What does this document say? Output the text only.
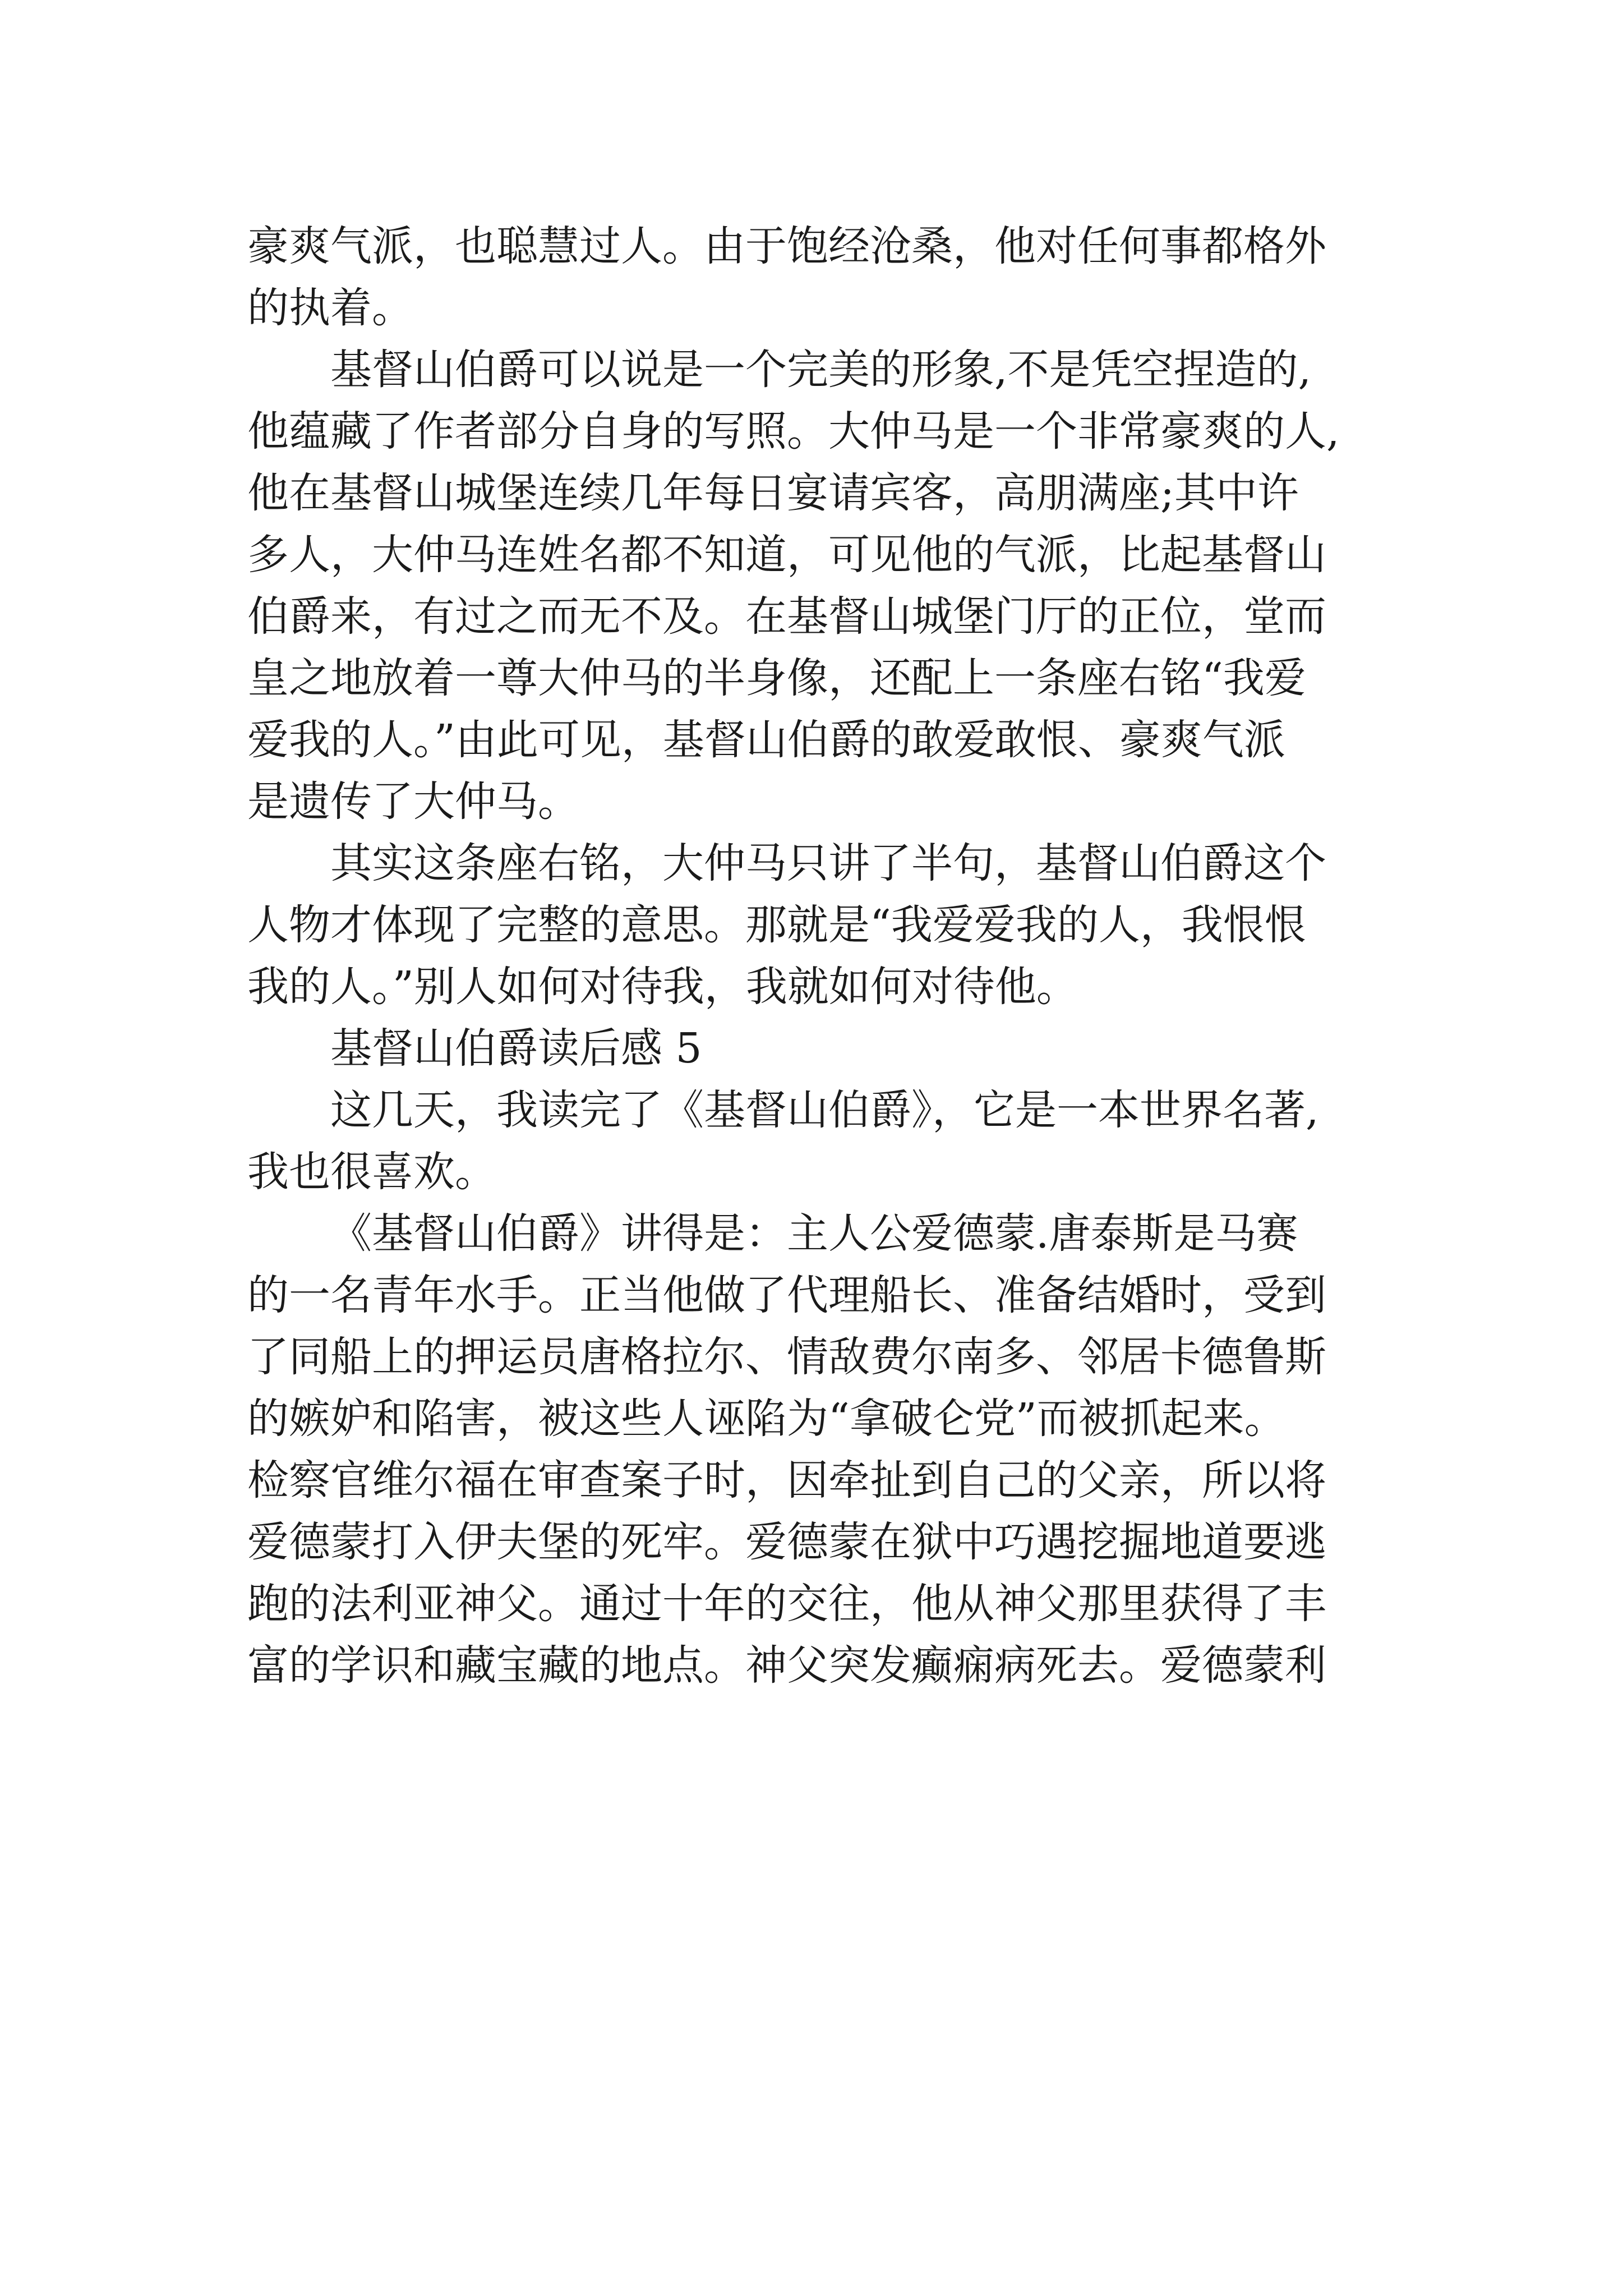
豪爽气派，也聪慧过人。由于饱经沧桑，他对任何事都格外
的执着。
基督山伯爵可以说是一个完美的形象,不是凭空捏造的,
他蕴藏了作者部分自身的写照。大仲马是一个非常豪爽的人,
他在基督山城堡连续几年每日宴请宾客，高朋满座;其中许
多人，大仲马连姓名都不知道，可见他的气派，比起基督山
伯爵来，有过之而无不及。在基督山城堡门厅的正位，堂而
皇之地放着一尊大仲马的半身像，还配上一条座右铭“我爱
爱我的人。”由此可见，基督山伯爵的敢爱敢恨、豪爽气派
是遗传了大仲马。
其实这条座右铭，大仲马只讲了半句，基督山伯爵这个
人物才体现了完整的意思。那就是“我爱爱我的人，我恨恨
我的人。”别人如何对待我，我就如何对待他。
基督山伯爵读后感 5
这几天，我读完了《基督山伯爵》，它是一本世界名著,
我也很喜欢。
《基督山伯爵》讲得是：主人公爱德蒙.唐泰斯是马赛
的一名青年水手。正当他做了代理船长、准备结婚时，受到
了同船上的押运员唐格拉尔、情敌费尔南多、邻居卡德鲁斯
的嫉妒和陷害，被这些人诬陷为“拿破仑党”而被抓起来。
检察官维尔福在审查案子时，因牵扯到自己的父亲，所以将
爱德蒙打入伊夫堡的死牢。爱德蒙在狱中巧遇挖掘地道要逃
跑的法利亚神父。通过十年的交往，他从神父那里获得了丰
富的学识和藏宝藏的地点。神父突发癫痫病死去。爱德蒙利
